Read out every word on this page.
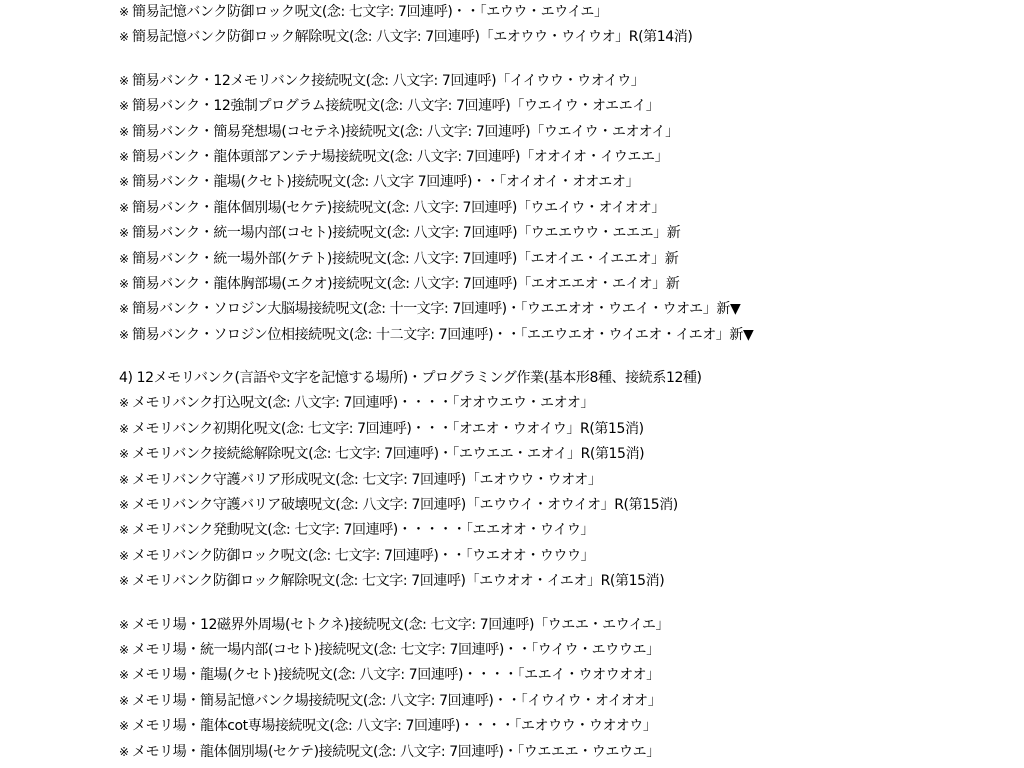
※ 簡易記憶バンク防御ロック呪文(念: 七文字: 7回連呼)・・「エウウ・エウイエ」
※ 簡易記憶バンク防御ロック解除呪文(念: 八文字: 7回連呼)「エオウウ・ウイウオ」R(第14消)
※ 簡易バンク・12メモリバンク接続呪文(念: 八文字: 7回連呼)「イイウウ・ウオイウ」
※ 簡易バンク・12強制プログラム接続呪文(念: 八文字: 7回連呼)「ウエイウ・オエエイ」
※ 簡易バンク・簡易発想場(コセテネ)接続呪文(念: 八文字: 7回連呼)「ウエイウ・エオオイ」
※ 簡易バンク・龍体頭部アンテナ場接続呪文(念: 八文字: 7回連呼)「オオイオ・イウエエ」
※ 簡易バンク・龍場(クセト)接続呪文(念: 八文字 7回連呼)・・「オイオイ・オオエオ」
※ 簡易バンク・龍体個別場(セケテ)接続呪文(念: 八文字: 7回連呼)「ウエイウ・オイオオ」
※ 簡易バンク・統一場内部(コセト)接続呪文(念: 八文字: 7回連呼)「ウエエウウ・エエエ」新
※ 簡易バンク・統一場外部(ケテト)接続呪文(念: 八文字: 7回連呼)「エオイエ・イエエオ」新
※ 簡易バンク・龍体胸部場(エクオ)接続呪文(念: 八文字: 7回連呼)「エオエエオ・エイオ」新
※ 簡易バンク・ソロジン大脳場接続呪文(念: 十一文字: 7回連呼)・「ウエエオオ・ウエイ・ウオエ」新▼
※ 簡易バンク・ソロジン位相接続呪文(念: 十二文字: 7回連呼)・・「エエウエオ・ウイエオ・イエオ」新▼
4) 12メモリバンク(言語や文字を記憶する場所)・プログラミング作業(基本形8種、接続系12種)
※ メモリバンク打込呪文(念: 八文字: 7回連呼)・・・・「オオウエウ・エオオ」
※ メモリバンク初期化呪文(念: 七文字: 7回連呼)・・・「オエオ・ウオイウ」R(第15消)
※ メモリバンク接続総解除呪文(念: 七文字: 7回連呼)・「エウエエ・エオイ」R(第15消)
※ メモリバンク守護バリア形成呪文(念: 七文字: 7回連呼)「エオウウ・ウオオ」
※ メモリバンク守護バリア破壊呪文(念: 八文字: 7回連呼)「エウウイ・オウイオ」R(第15消)
※ メモリバンク発動呪文(念: 七文字: 7回連呼)・・・・・「エエオオ・ウイウ」
※ メモリバンク防御ロック呪文(念: 七文字: 7回連呼)・・「ウエオオ・ウウウ」
※ メモリバンク防御ロック解除呪文(念: 七文字: 7回連呼)「エウオオ・イエオ」R(第15消)
※ メモリ場・12磁界外周場(セトクネ)接続呪文(念: 七文字: 7回連呼)「ウエエ・エウイエ」
※ メモリ場・統一場内部(コセト)接続呪文(念: 七文字: 7回連呼)・・「ウイウ・エウウエ」
※ メモリ場・龍場(クセト)接続呪文(念: 八文字: 7回連呼)・・・・「エエイ・ウオウオオ」
※ メモリ場・簡易記憶バンク場接続呪文(念: 八文字: 7回連呼)・・「イウイウ・オイオオ」
※ メモリ場・龍体cot専場接続呪文(念: 八文字: 7回連呼)・・・・「エオウウ・ウオオウ」
※ メモリ場・龍体個別場(セケテ)接続呪文(念: 八文字: 7回連呼)・「ウエエエ・ウエウエ」
